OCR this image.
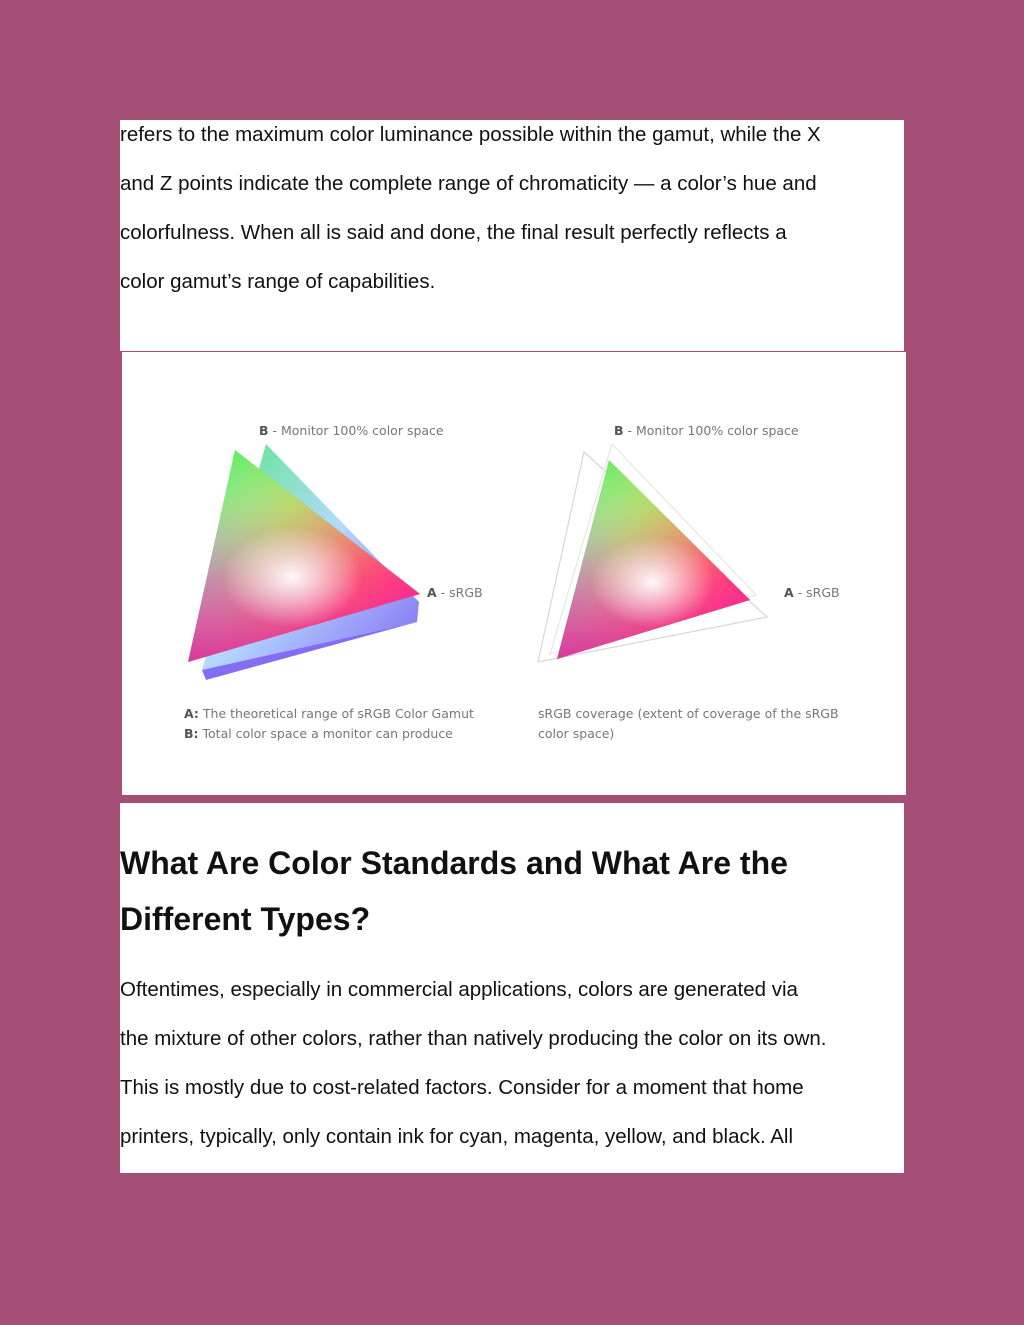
refers to the maximum color luminance possible within the gamut, while the X

and Z points indicate the complete range of chromaticity — a color’s hue and

colorfulness. When all is said and done, the final result perfectly reflects a

color gamut’s range of capabilities.

B - Monitor 100% color space
A - sRGB
A: The theoretical range of sRGB Color Gamut
B: Total color space a monitor can produce
B - Monitor 100% color space
A - sRGB
sRGB coverage (extent of coverage of the sRGB
color space)
What Are Color Standards and What Are the
Different Types?

Oftentimes, especially in commercial applications, colors are generated via

the mixture of other colors, rather than natively producing the color on its own.

This is mostly due to cost-related factors. Consider for a moment that home

printers, typically, only contain ink for cyan, magenta, yellow, and black. All
